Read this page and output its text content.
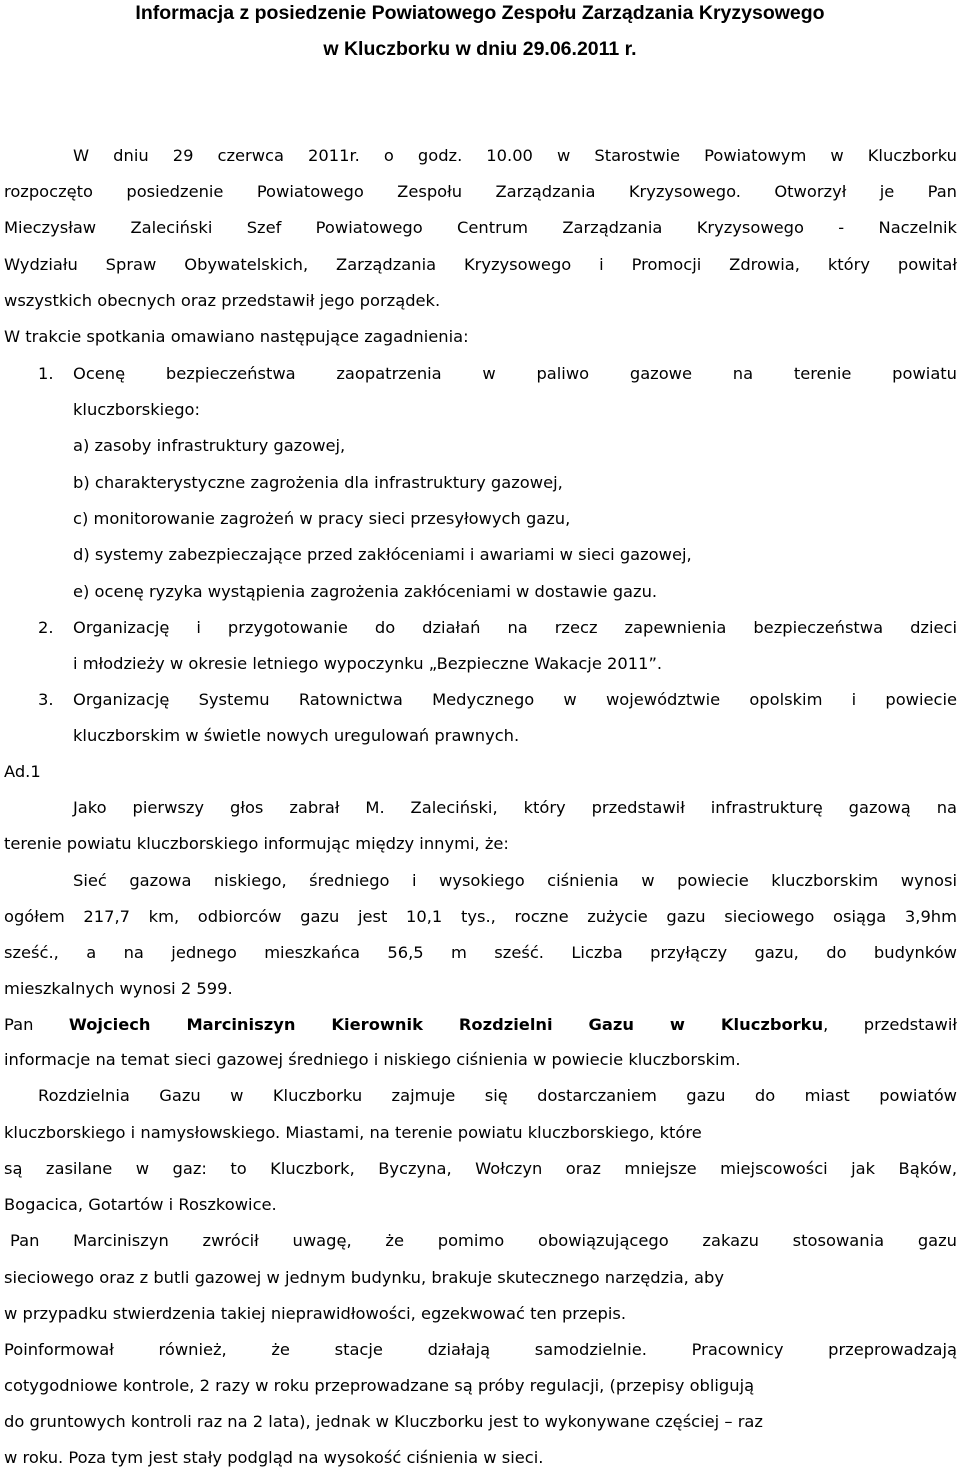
Informacja z posiedzenie Powiatowego Zespołu Zarządzania Kryzysowego
w Kluczborku w dniu 29.06.2011 r.
W dniu 29 czerwca 2011r. o godz. 10.00 w Starostwie Powiatowym w Kluczborku
rozpoczęto posiedzenie Powiatowego Zespołu Zarządzania Kryzysowego. Otworzył je Pan
Mieczysław Zaleciński Szef Powiatowego Centrum Zarządzania Kryzysowego - Naczelnik
Wydziału Spraw Obywatelskich, Zarządzania Kryzysowego i Promocji Zdrowia, który powitał
wszystkich obecnych oraz przedstawił jego porządek.
W trakcie spotkania omawiano następujące zagadnienia:
1. Ocenę bezpieczeństwa zaopatrzenia w paliwo gazowe na terenie powiatu
kluczborskiego:
a) zasoby infrastruktury gazowej,
b) charakterystyczne zagrożenia dla infrastruktury gazowej,
c) monitorowanie zagrożeń w pracy sieci przesyłowych gazu,
d) systemy zabezpieczające przed zakłóceniami i awariami w sieci gazowej,
e) ocenę ryzyka wystąpienia zagrożenia zakłóceniami w dostawie gazu.
2. Organizację i przygotowanie do działań na rzecz zapewnienia bezpieczeństwa dzieci
i młodzieży w okresie letniego wypoczynku „Bezpieczne Wakacje 2011”.
3. Organizację Systemu Ratownictwa Medycznego w województwie opolskim i powiecie
kluczborskim w świetle nowych uregulowań prawnych.
Ad.1
Jako pierwszy głos zabrał M. Zaleciński, który przedstawił infrastrukturę gazową na
terenie powiatu kluczborskiego informując między innymi, że:
Sieć gazowa niskiego, średniego i wysokiego ciśnienia w powiecie kluczborskim wynosi
ogółem 217,7 km, odbiorców gazu jest 10,1 tys., roczne zużycie gazu sieciowego osiąga 3,9hm
sześć., a na jednego mieszkańca 56,5 m sześć. Liczba przyłączy gazu, do budynków
mieszkalnych wynosi 2 599.
Pan Wojciech Marciniszyn Kierownik Rozdzielni Gazu w Kluczborku, przedstawił
informacje na temat sieci gazowej średniego i niskiego ciśnienia w powiecie kluczborskim.
Rozdzielnia Gazu w Kluczborku zajmuje się dostarczaniem gazu do miast powiatów
kluczborskiego i namysłowskiego. Miastami, na terenie powiatu kluczborskiego, które
są zasilane w gaz: to Kluczbork, Byczyna, Wołczyn oraz mniejsze miejscowości jak Bąków,
Bogacica, Gotartów i Roszkowice.
Pan Marciniszyn zwrócił uwagę, że pomimo obowiązującego zakazu stosowania gazu
sieciowego oraz z butli gazowej w jednym budynku, brakuje skutecznego narzędzia, aby
w przypadku stwierdzenia takiej nieprawidłowości, egzekwować ten przepis.
Poinformował również, że stacje działają samodzielnie. Pracownicy przeprowadzają
cotygodniowe kontrole, 2 razy w roku przeprowadzane są próby regulacji, (przepisy obligują
do gruntowych kontroli raz na 2 lata), jednak w Kluczborku jest to wykonywane częściej – raz
w roku. Poza tym jest stały podgląd na wysokość ciśnienia w sieci.
